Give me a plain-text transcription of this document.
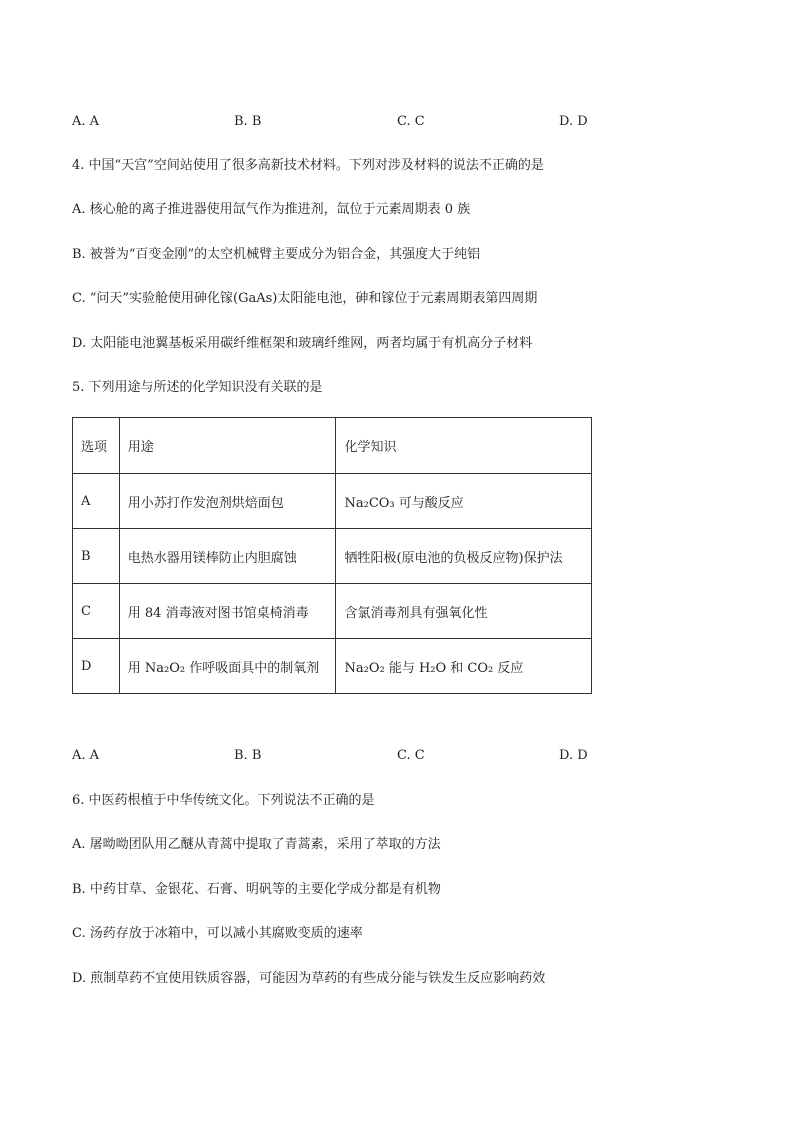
A. A	B. B	C. C	D. D
4. 中国“天宫”空间站使用了很多高新技术材料。下列对涉及材料的说法不正确的是
A. 核心舱的离子推进器使用氙气作为推进剂，氙位于元素周期表 0 族
B. 被誉为“百变金刚”的太空机械臂主要成分为铝合金，其强度大于纯铝
C. “问天”实验舱使用砷化镓(GaAs)太阳能电池，砷和镓位于元素周期表第四周期
D. 太阳能电池翼基板采用碳纤维框架和玻璃纤维网，两者均属于有机高分子材料
5. 下列用途与所述的化学知识没有关联的是
选项	用途	化学知识
A	用小苏打作发泡剂烘焙面包	Na₂CO₃ 可与酸反应
B	电热水器用镁棒防止内胆腐蚀	牺牲阳极(原电池的负极反应物)保护法
C	用 84 消毒液对图书馆桌椅消毒	含氯消毒剂具有强氧化性
D	用 Na₂O₂ 作呼吸面具中的制氧剂	Na₂O₂ 能与 H₂O 和 CO₂ 反应
A. A	B. B	C. C	D. D
6. 中医药根植于中华传统文化。下列说法不正确的是
A. 屠呦呦团队用乙醚从青蒿中提取了青蒿素，采用了萃取的方法
B. 中药甘草、金银花、石膏、明矾等的主要化学成分都是有机物
C. 汤药存放于冰箱中，可以减小其腐败变质的速率
D. 煎制草药不宜使用铁质容器，可能因为草药的有些成分能与铁发生反应影响药效
